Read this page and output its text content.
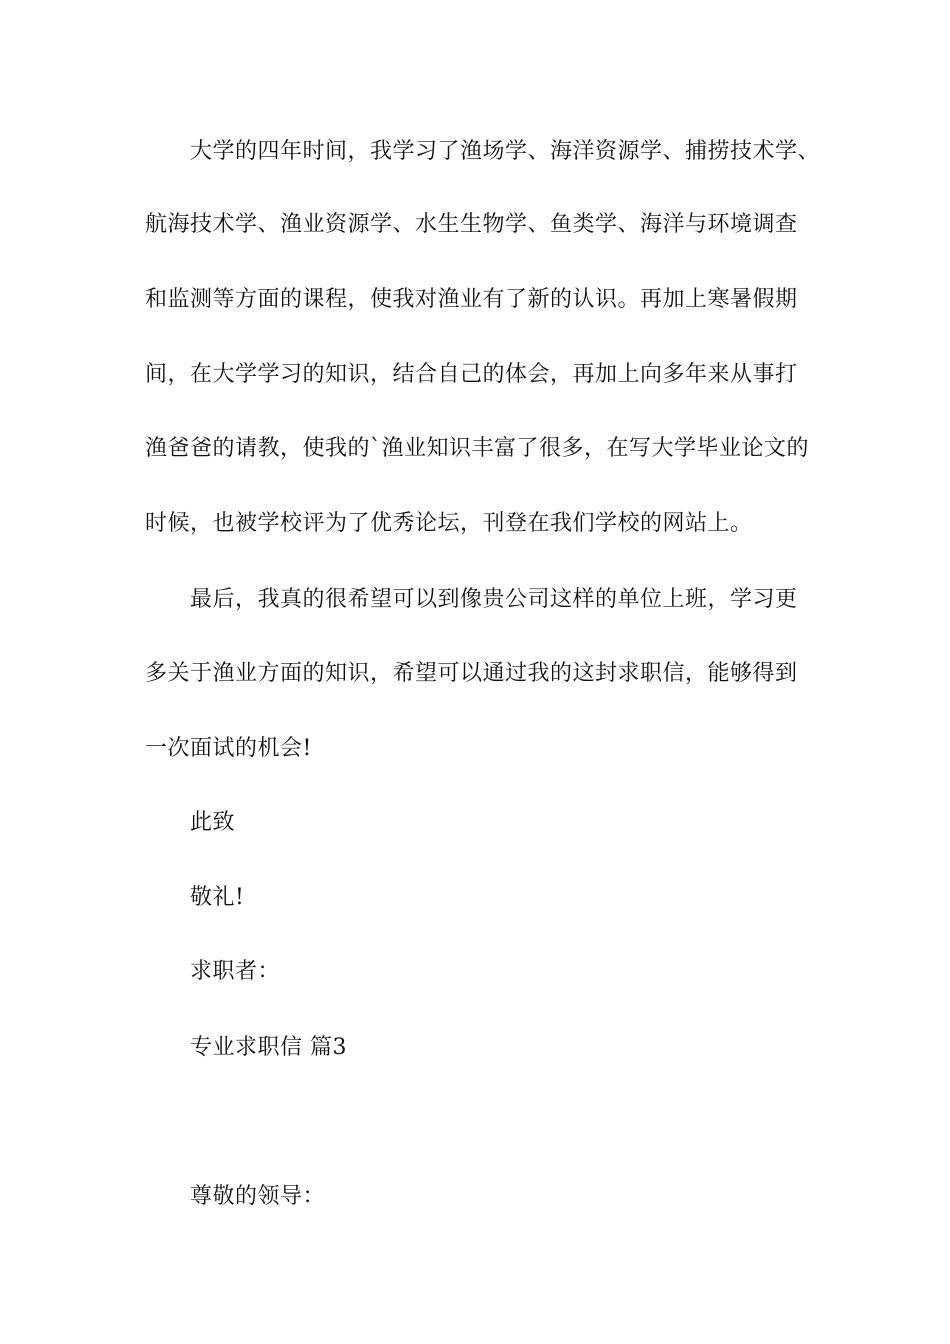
大学的四年时间，我学习了渔场学、海洋资源学、捕捞技术学、
航海技术学、渔业资源学、水生生物学、鱼类学、海洋与环境调查
和监测等方面的课程，使我对渔业有了新的认识。再加上寒暑假期
间，在大学学习的知识，结合自己的体会，再加上向多年来从事打
渔爸爸的请教，使我的`渔业知识丰富了很多，在写大学毕业论文的
时候，也被学校评为了优秀论坛，刊登在我们学校的网站上。
最后，我真的很希望可以到像贵公司这样的单位上班，学习更
多关于渔业方面的知识，希望可以通过我的这封求职信，能够得到
一次面试的机会!
此致
敬礼!
求职者：
专业求职信 篇3
尊敬的领导：
